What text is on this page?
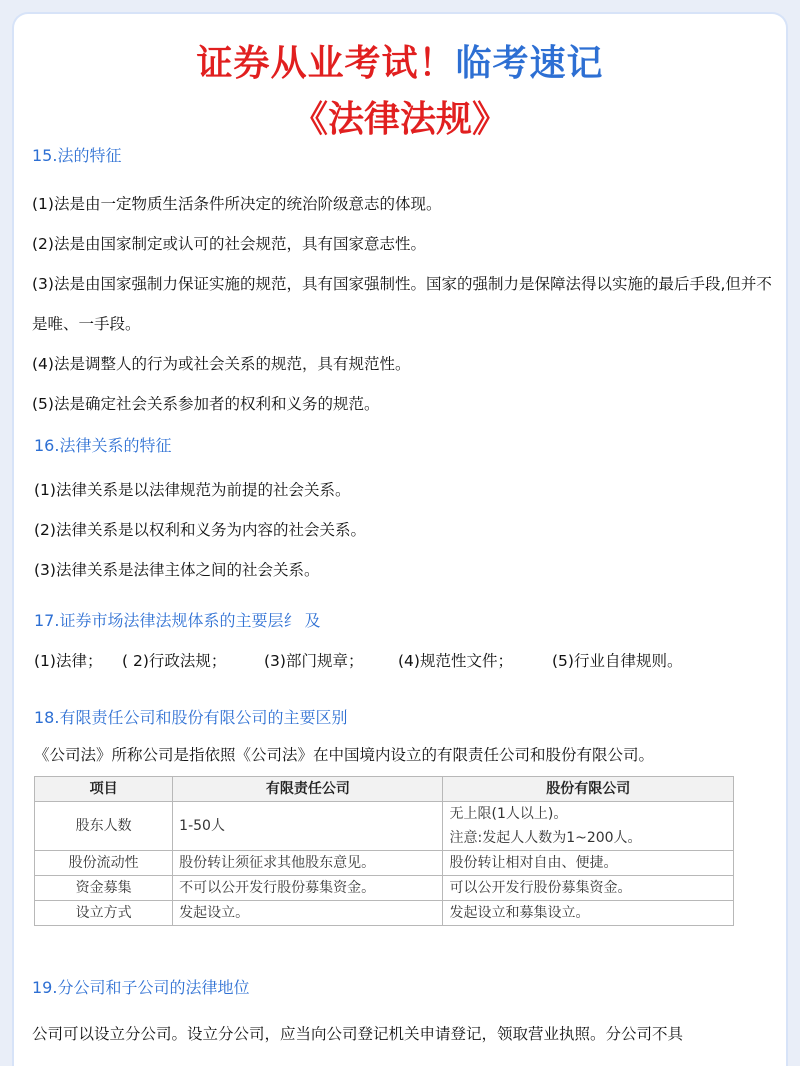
证券从业考试！临考速记
《法律法规》
15.法的特征

(1)法是由一定物质生活条件所决定的统治阶级意志的体现。

(2)法是由国家制定或认可的社会规范，具有国家意志性。

(3)法是由国家强制力保证实施的规范，具有国家强制性。国家的强制力是保障法得以实施的最后手段,但并不是唯、一手段。

(4)法是调整人的行为或社会关系的规范，具有规范性。

(5)法是确定社会关系参加者的权利和义务的规范。

16.法律关系的特征

(1)法律关系是以法律规范为前提的社会关系。

(2)法律关系是以权利和义务为内容的社会关系。

(3)法律关系是法律主体之间的社会关系。

17.证券市场法律法规体系的主要层纟 及
(1)法律； ( 2)行政法规； (3)部门规章； (4)规范性文件；	(5)行业自律规则。
18.有限责任公司和股份有限公司的主要区别

《公司法》所称公司是指依照《公司法》在中国境内设立的有限责任公司和股份有限公司。

项目	有限责任公司	股份有限公司
股东人数	1-50人	无上限(1人以上)。
注意:发起人人数为1~200人。

股份流动性	股份转让须征求其他股东意见。	股份转让相对自由、便捷。
资金募集	不可以公开发行股份募集资金。	可以公开发行股份募集资金。
设立方式	发起设立。	发起设立和募集设立。
19.分公司和子公司的法律地位

公司可以设立分公司。设立分公司，应当向公司登记机关申请登记，领取营业执照。分公司不具
